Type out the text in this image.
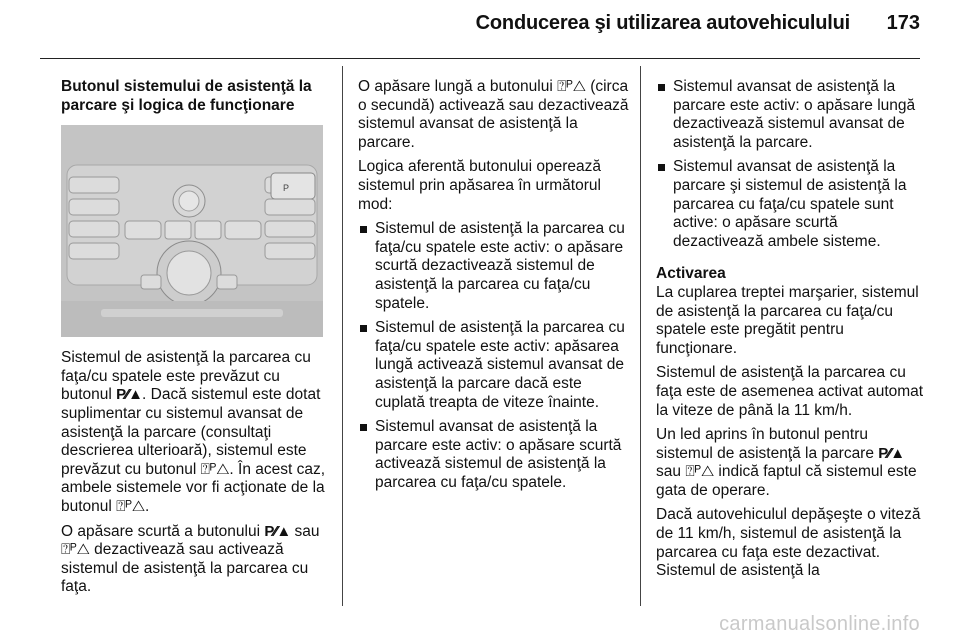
Conducerea şi utilizarea autovehiculului 173
Butonul sistemului de asistenţă la
parcare şi logica de funcţionare
P

Sistemul de asistenţă la parcarea cu faţa/cu spatele este prevăzut cu butonul P⁄⁄▲. Dacă sistemul este dotat suplimentar cu sistemul avansat de asistenţă la parcare (consultaţi descrierea ulterioară), sistemul este prevăzut cu butonul ⍰ᴾ△. În acest caz, ambele sistemele vor fi acţionate de la butonul ⍰ᴾ△.

O apăsare scurtă a butonului P⁄⁄▲ sau
⍰ᴾ△ dezactivează sau activează sistemul de asistenţă la parcarea cu faţa.

O apăsare lungă a butonului ⍰ᴾ△ (circa o secundă) activează sau dezactivează sistemul avansat de asistenţă la parcare.

Logica aferentă butonului operează sistemul prin apăsarea în următorul mod:

Sistemul de asistenţă la parcarea cu faţa/cu spatele este activ: o apăsare scurtă dezactivează sistemul de asistenţă la parcarea cu faţa/cu spatele.
Sistemul de asistenţă la parcarea cu faţa/cu spatele este activ: apăsarea lungă activează sistemul avansat de asistenţă la parcare dacă este cuplată treapta de viteze înainte.
Sistemul avansat de asistenţă la parcare este activ: o apăsare scurtă activează sistemul de asistenţă la parcarea cu faţa/cu spatele.
Sistemul avansat de asistenţă la parcare este activ: o apăsare lungă dezactivează sistemul avansat de asistenţă la parcare.
Sistemul avansat de asistenţă la parcare şi sistemul de asistenţă la parcarea cu faţa/cu spatele sunt active: o apăsare scurtă dezactivează ambele sisteme.
Activarea

La cuplarea treptei marşarier, sistemul de asistenţă la parcarea cu faţa/cu spatele este pregătit pentru funcţionare.

Sistemul de asistenţă la parcarea cu faţa este de asemenea activat automat la viteze de până la 11 km/h.

Un led aprins în butonul pentru sistemul de asistenţă la parcare P⁄⁄▲ sau ⍰ᴾ△ indică faptul că sistemul este gata de operare.

Dacă autovehiculul depăşeşte o viteză de 11 km/h, sistemul de asistenţă la parcarea cu faţa este dezactivat. Sistemul de asistenţă la

carmanualsonline.info
